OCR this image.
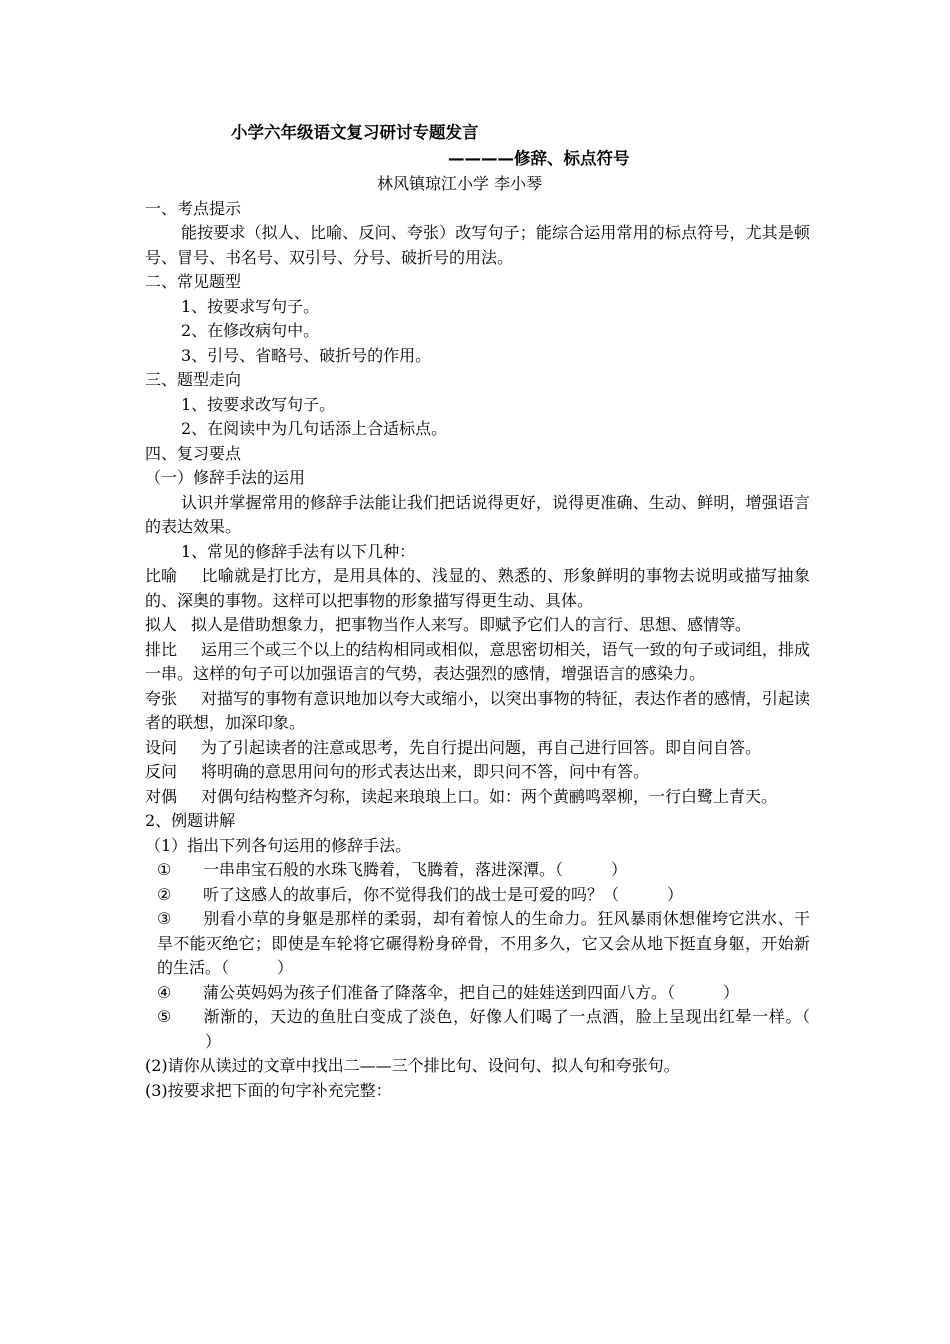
小学六年级语文复习研讨专题发言

————修辞、标点符号

林风镇琼江小学 李小琴

一、考点提示

能按要求（拟人、比喻、反问、夸张）改写句子；能综合运用常用的标点符号，尤其是顿号、冒号、书名号、双引号、分号、破折号的用法。

二、常见题型

1、按要求写句子。

2、在修改病句中。

3、引号、省略号、破折号的作用。

三、题型走向

1、按要求改写句子。

2、在阅读中为几句话添上合适标点。

四、复习要点

（一）修辞手法的运用

认识并掌握常用的修辞手法能让我们把话说得更好，说得更准确、生动、鲜明，增强语言的表达效果。

1、常见的修辞手法有以下几种：

比喻 比喻就是打比方，是用具体的、浅显的、熟悉的、形象鲜明的事物去说明或描写抽象的、深奥的事物。这样可以把事物的形象描写得更生动、具体。

拟人 拟人是借助想象力，把事物当作人来写。即赋予它们人的言行、思想、感情等。

排比 运用三个或三个以上的结构相同或相似，意思密切相关，语气一致的句子或词组，排成一串。这样的句子可以加强语言的气势，表达强烈的感情，增强语言的感染力。

夸张 对描写的事物有意识地加以夸大或缩小，以突出事物的特征，表达作者的感情，引起读者的联想，加深印象。

设问 为了引起读者的注意或思考，先自行提出问题，再自己进行回答。即自问自答。

反问 将明确的意思用问句的形式表达出来，即只问不答，问中有答。

对偶 对偶句结构整齐匀称，读起来琅琅上口。如：两个黄鹂鸣翠柳，一行白鹭上青天。

2、例题讲解

（1）指出下列各句运用的修辞手法。

① 一串串宝石般的水珠飞腾着，飞腾着，落进深潭。（	）

② 听了这感人的故事后，你不觉得我们的战士是可爱的吗？（	）

③ 别看小草的身躯是那样的柔弱，却有着惊人的生命力。狂风暴雨休想催垮它洪水、干旱不能灭绝它；即使是车轮将它碾得粉身碎骨，不用多久，它又会从地下挺直身躯，开始新的生活。（	）

④ 蒲公英妈妈为孩子们准备了降落伞，把自己的娃娃送到四面八方。（	）

⑤ 渐渐的，天边的鱼肚白变成了淡色，好像人们喝了一点酒，脸上呈现出红晕一样。（）

(2)请你从读过的文章中找出二——三个排比句、设问句、拟人句和夸张句。

(3)按要求把下面的句字补充完整：
